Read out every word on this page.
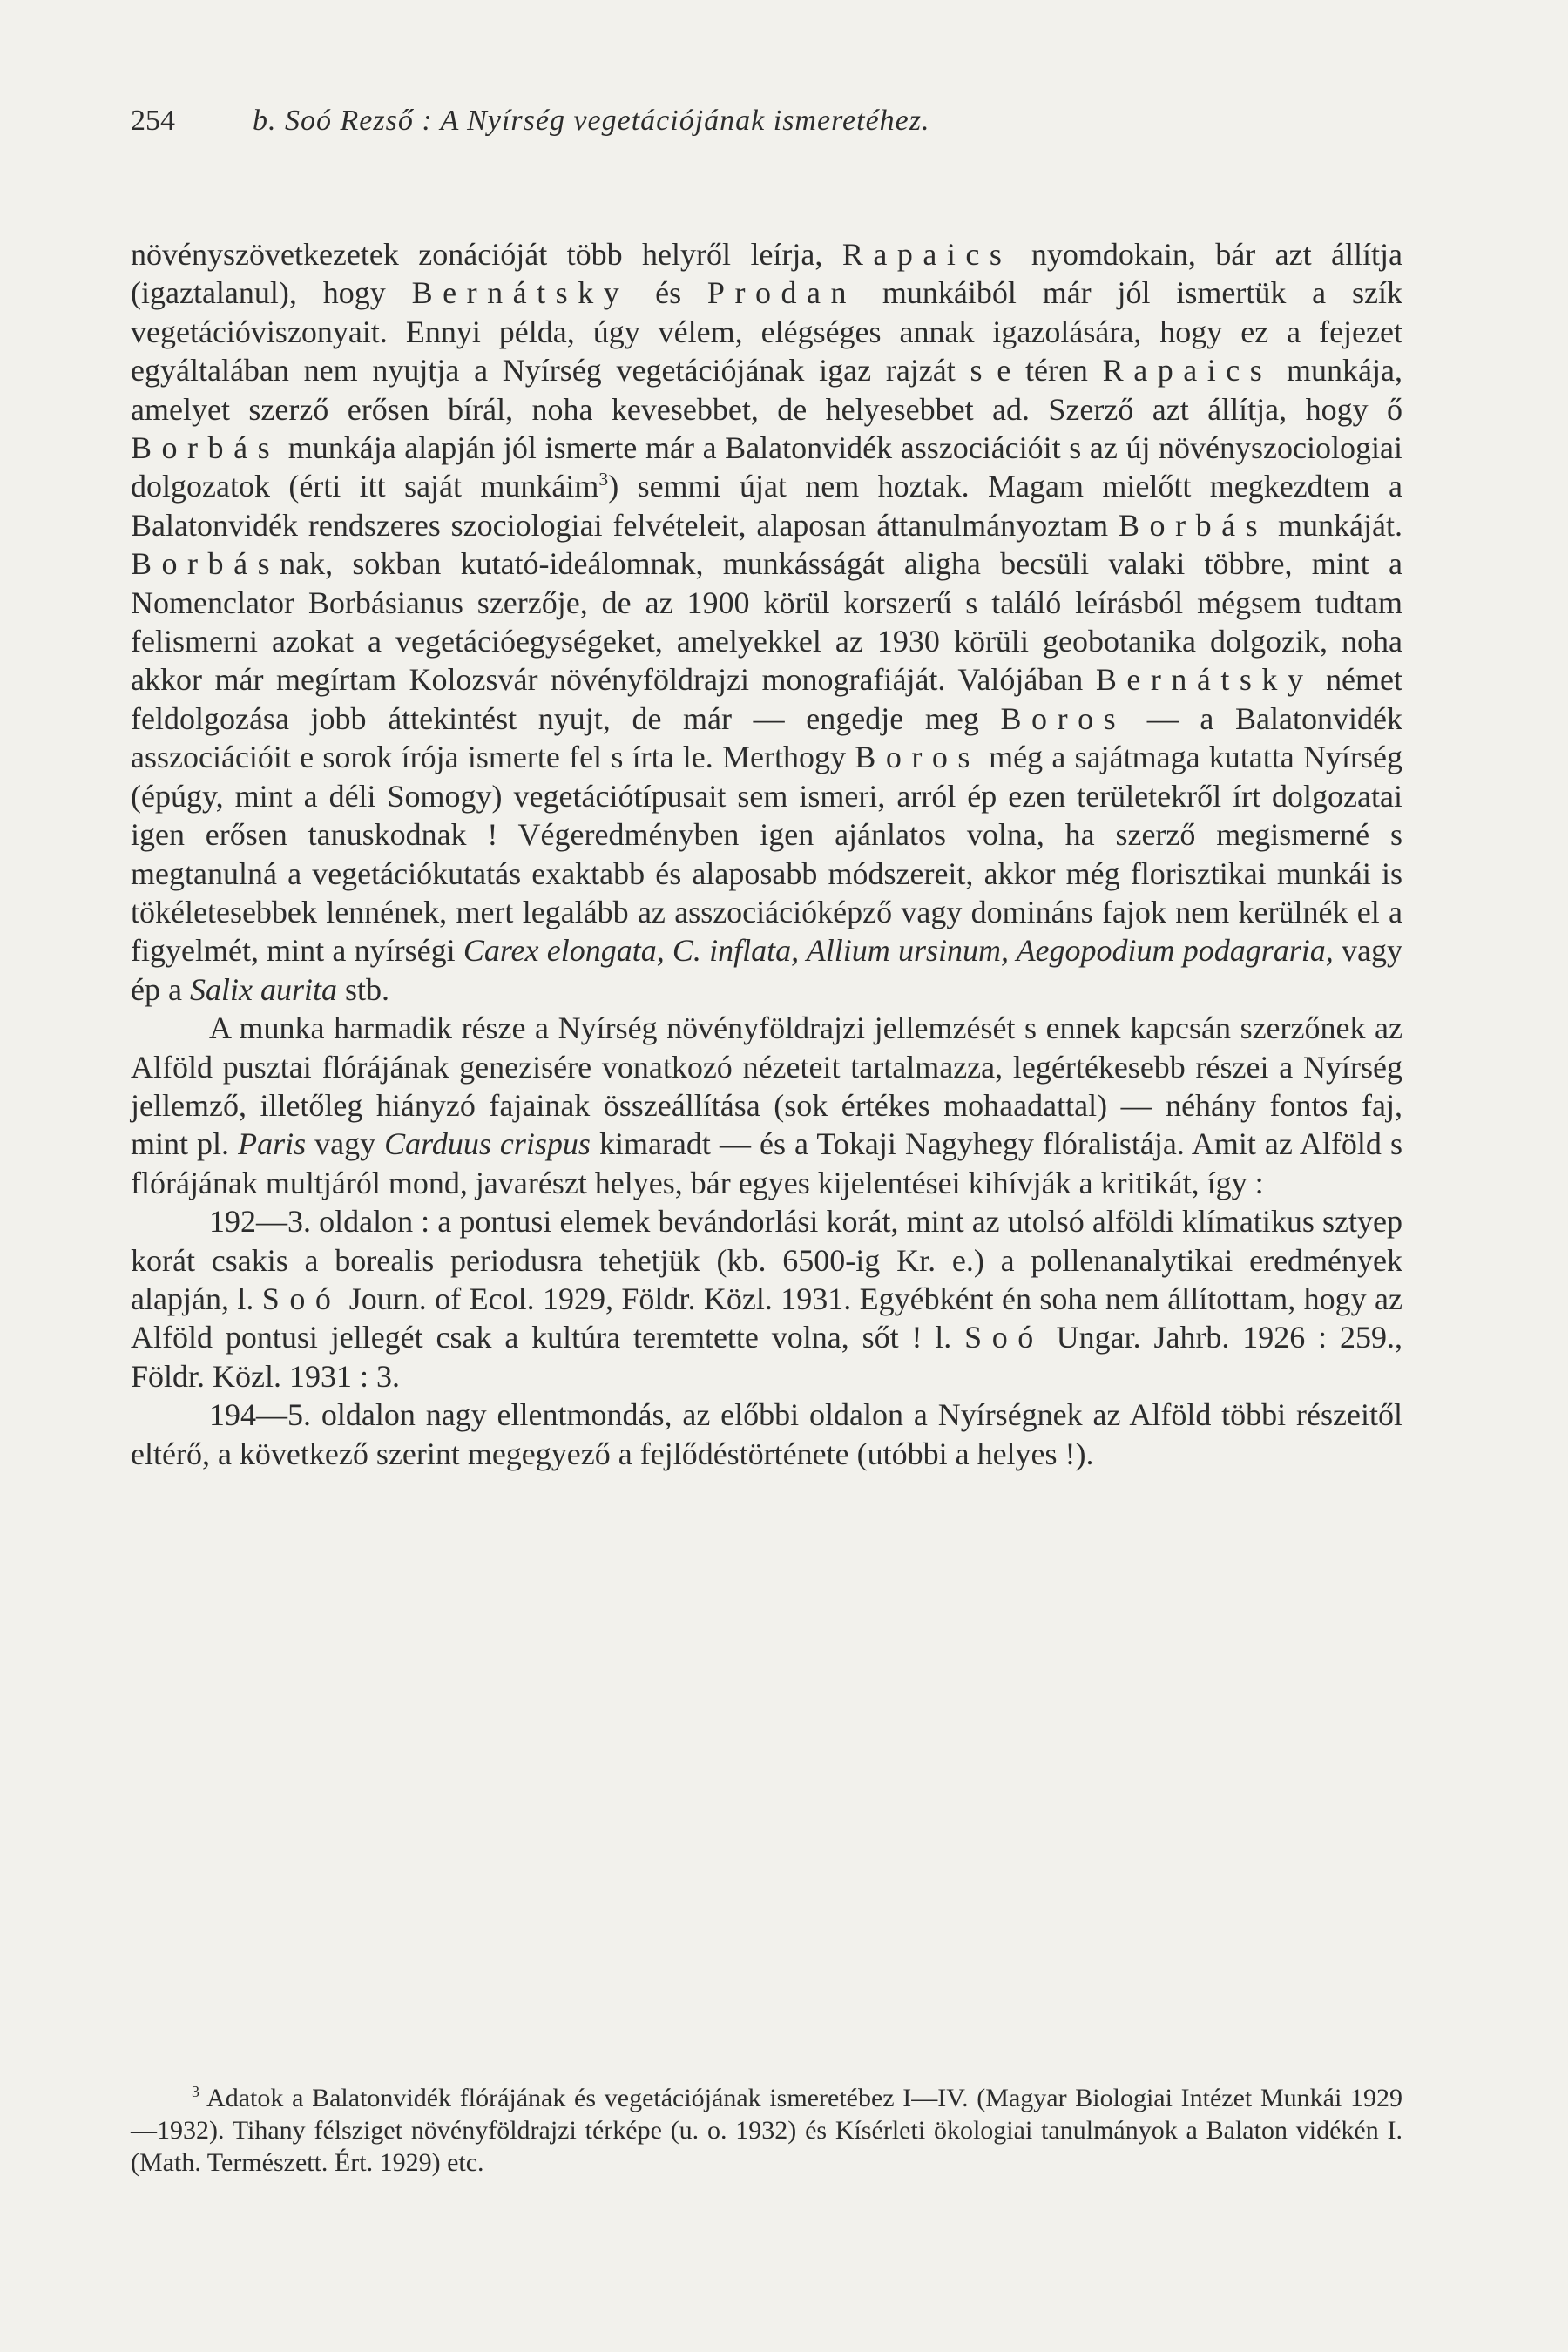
254	b. Soó Rezső : A Nyírség vegetációjának ismeretéhez.

növényszövetkezetek zonációját több helyről leírja, Rapaics nyomdokain, bár azt állítja (igaztalanul), hogy Bernátsky és Prodan munkáiból már jól ismertük a szík vegetációviszonyait. Ennyi példa, úgy vélem, elégséges annak igazolására, hogy ez a fejezet egyáltalában nem nyujtja a Nyírség vegetációjának igaz rajzát s e téren Rapaics munkája, amelyet szerző erősen bírál, noha kevesebbet, de helyesebbet ad. Szerző azt állítja, hogy ő Borbás munkája alapján jól ismerte már a Balatonvidék asszociációit s az új növényszociologiai dolgozatok (érti itt saját munkáim$^3$) semmi újat nem hoztak. Magam mielőtt megkezdtem a Balatonvidék rendszeres szociologiai felvételeit, alaposan áttanulmányoztam Borbás munkáját. Borbásnak, sokban kutató-ideálomnak, munkásságát aligha becsüli valaki többre, mint a Nomenclator Borbásianus szerzője, de az 1900 körül korszerű s találó leírásból mégsem tudtam felismerni azokat a vegetációegységeket, amelyekkel az 1930 körüli geobotanika dolgozik, noha akkor már megírtam Kolozsvár növényföldrajzi monografiáját. Valójában Bernátsky német feldolgozása jobb áttekintést nyujt, de már — engedje meg Boros — a Balatonvidék asszociációit e sorok írója ismerte fel s írta le. Merthogy Boros még a sajátmaga kutatta Nyírség (épúgy, mint a déli Somogy) vegetációtípusait sem ismeri, arról ép ezen területekről írt dolgozatai igen erősen tanuskodnak ! Végeredményben igen ajánlatos volna, ha szerző megismerné s megtanulná a vegetációkutatás exaktabb és alaposabb módszereit, akkor még florisztikai munkái is tökéletesebbek lennének, mert legalább az asszociációképző vagy domináns fajok nem kerülnék el a figyelmét, mint a nyírségi Carex elongata, C. inflata, Allium ursinum, Aegopodium podagraria, vagy ép a Salix aurita stb.

A munka harmadik része a Nyírség növényföldrajzi jellemzését s ennek kapcsán szerzőnek az Alföld pusztai flórájának genezisére vonatkozó nézeteit tartalmazza, legértékesebb részei a Nyírség jellemző, illetőleg hiányzó fajainak összeállítása (sok értékes mohaadattal) — néhány fontos faj, mint pl. Paris vagy Carduus crispus kimaradt — és a Tokaji Nagyhegy flóralistája. Amit az Alföld s flórájának multjáról mond, javarészt helyes, bár egyes kijelentései kihívják a kritikát, így :

192—3. oldalon : a pontusi elemek bevándorlási korát, mint az utolsó alföldi klímatikus sztyep korát csakis a borealis periodusra tehetjük (kb. 6500-ig Kr. e.) a pollenanalytikai eredmények alapján, l. Soó Journ. of Ecol. 1929, Földr. Közl. 1931. Egyébként én soha nem állítottam, hogy az Alföld pontusi jellegét csak a kultúra teremtette volna, sőt ! l. Soó Ungar. Jahrb. 1926 : 259., Földr. Közl. 1931 : 3.

194—5. oldalon nagy ellentmondás, az előbbi oldalon a Nyírségnek az Alföld többi részeitől eltérő, a következő szerint megegyező a fejlődéstörténete (utóbbi a helyes !).

$^3$ Adatok a Balatonvidék flórájának és vegetációjának ismeretébez I—IV. (Magyar Biologiai Intézet Munkái 1929—1932). Tihany félsziget növényföldrajzi térképe (u. o. 1932) és Kísérleti ökologiai tanulmányok a Balaton vidékén I. (Math. Természett. Ért. 1929) etc.
